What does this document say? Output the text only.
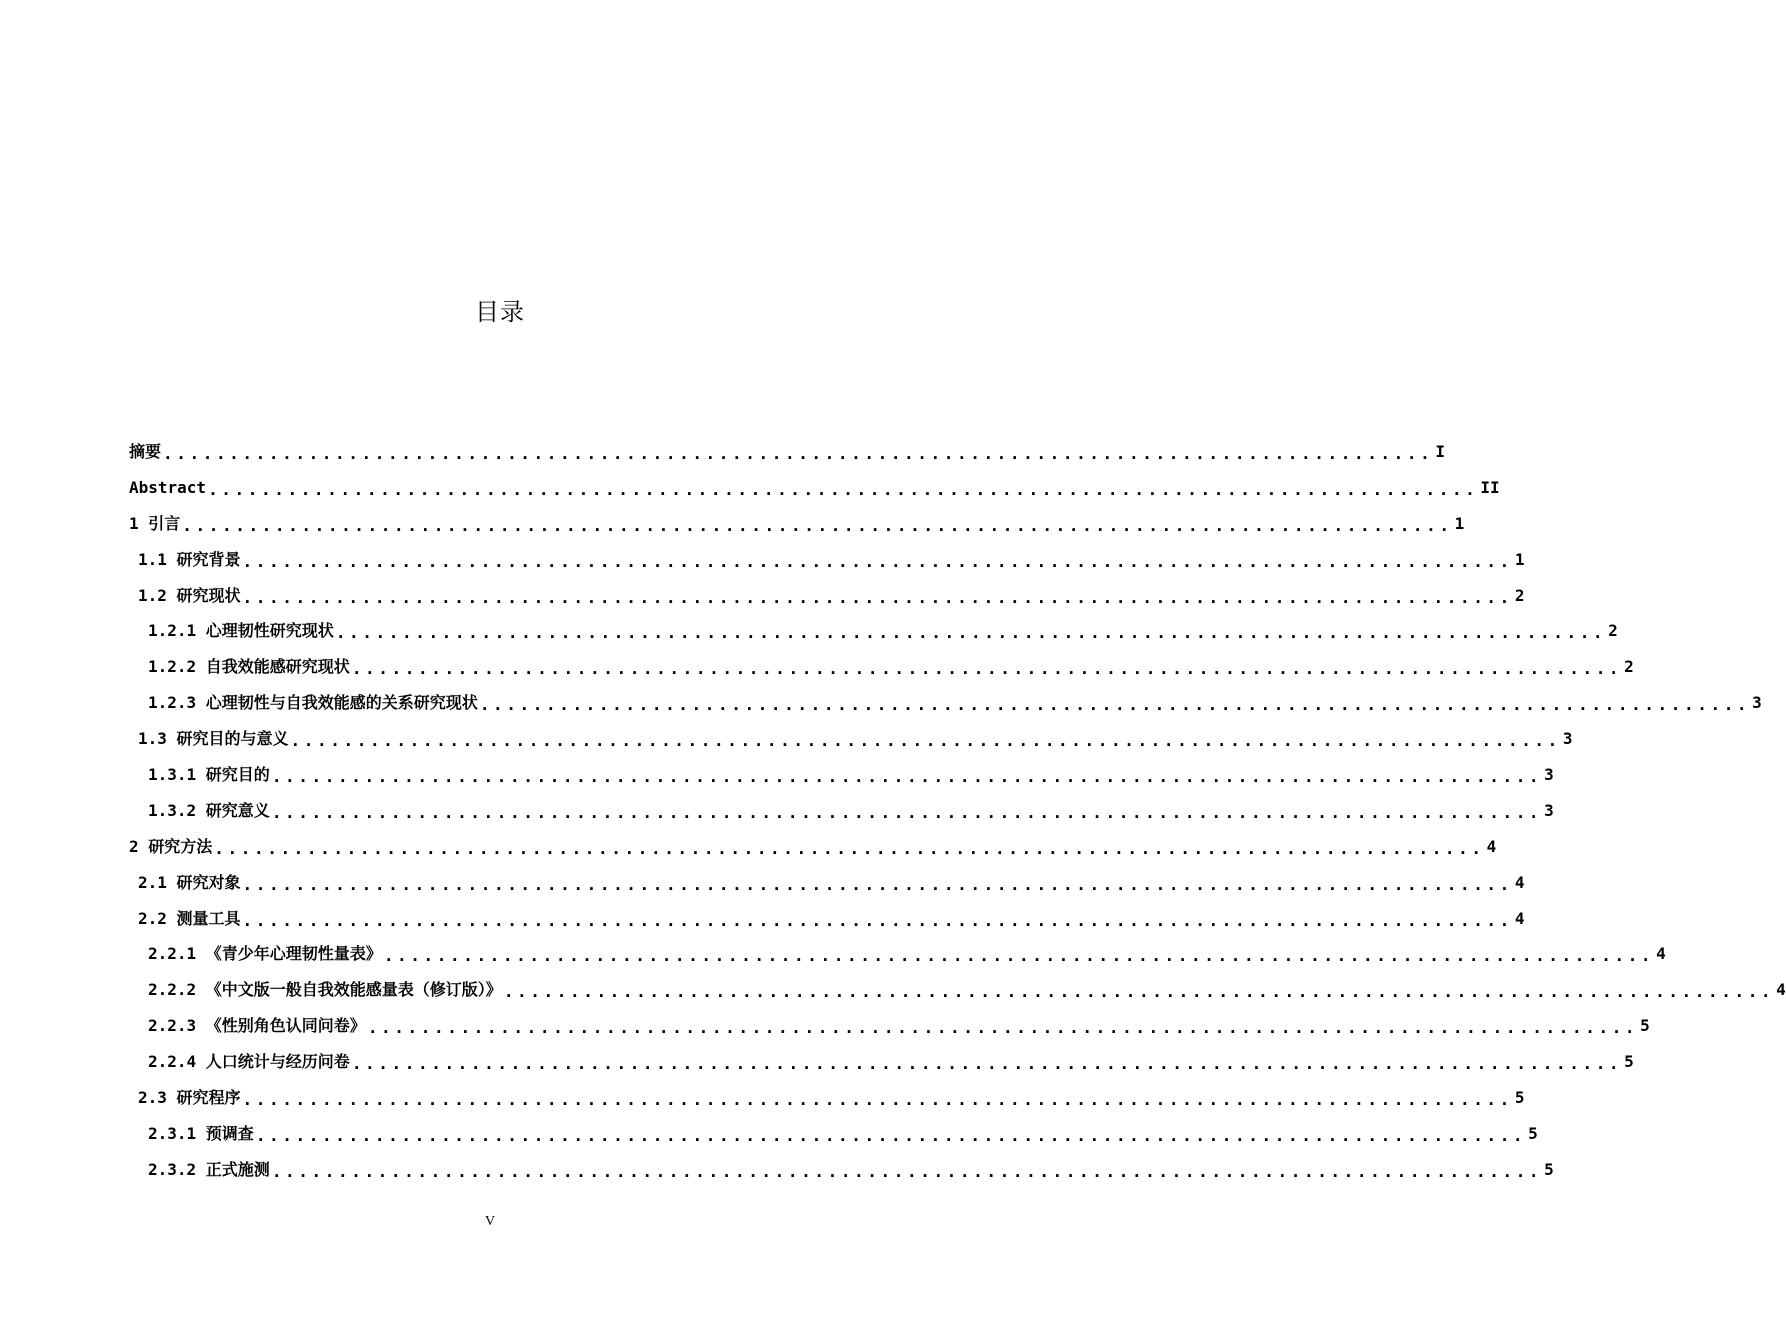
目录
摘要 ................................................................................................ I
Abstract ................................................................................................ II
1 引言 ................................................................................................ 1
1.1 研究背景 ................................................................................................ 1
1.2 研究现状 ................................................................................................ 2
1.2.1 心理韧性研究现状 ................................................................................................ 2
1.2.2 自我效能感研究现状 ................................................................................................ 2
1.2.3 心理韧性与自我效能感的关系研究现状 ................................................................................................ 3
1.3 研究目的与意义 ................................................................................................ 3
1.3.1 研究目的 ................................................................................................ 3
1.3.2 研究意义 ................................................................................................ 3
2 研究方法 ................................................................................................ 4
2.1 研究对象 ................................................................................................ 4
2.2 测量工具 ................................................................................................ 4
2.2.1 《青少年心理韧性量表》 ................................................................................................ 4
2.2.2 《中文版一般自我效能感量表（修订版）》 ................................................................................................ 4
2.2.3 《性别角色认同问卷》 ................................................................................................ 5
2.2.4 人口统计与经历问卷 ................................................................................................ 5
2.3 研究程序 ................................................................................................ 5
2.3.1 预调查 ................................................................................................ 5
2.3.2 正式施测 ................................................................................................ 5
V
